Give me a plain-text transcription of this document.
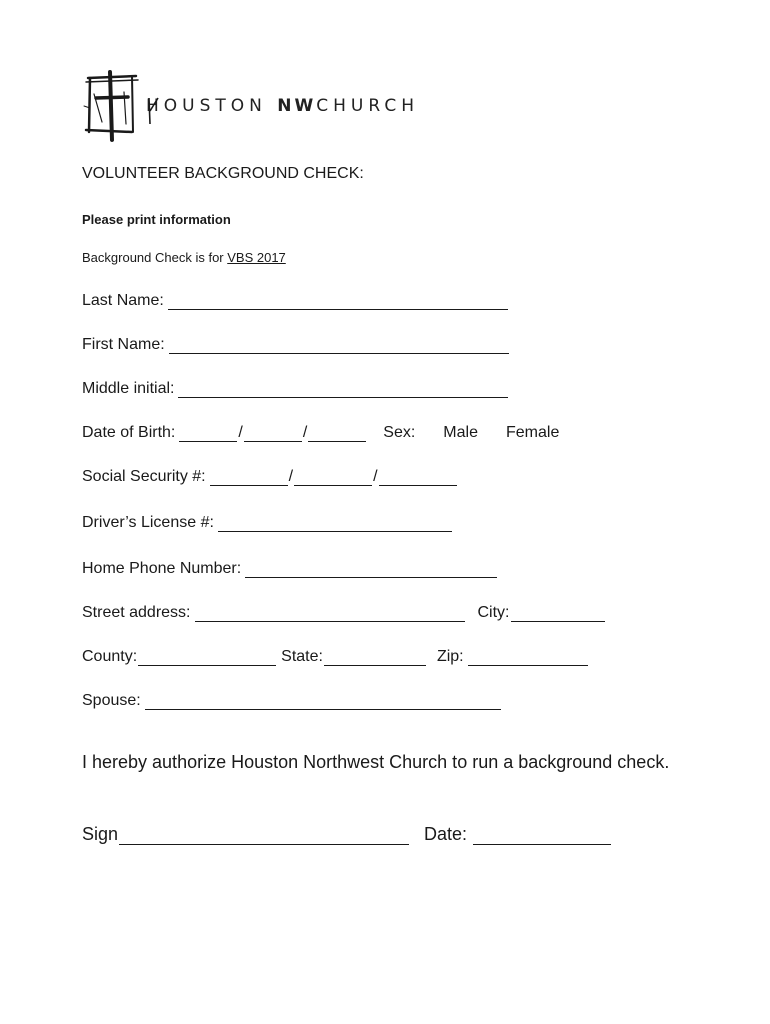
HOUSTON NW
CHURCH
VOLUNTEER BACKGROUND CHECK:
Please print information
Background Check is for VBS 2017
Last Name:
First Name:
Middle initial:
Date of Birth:	/	/	Sex: Male Female
Social Security #:	/	/
Driver’s License #:
Home Phone Number:
Street address:	City:
County:	State:	Zip:
Spouse:
I hereby authorize Houston Northwest Church to run a background check.
Sign	Date:
